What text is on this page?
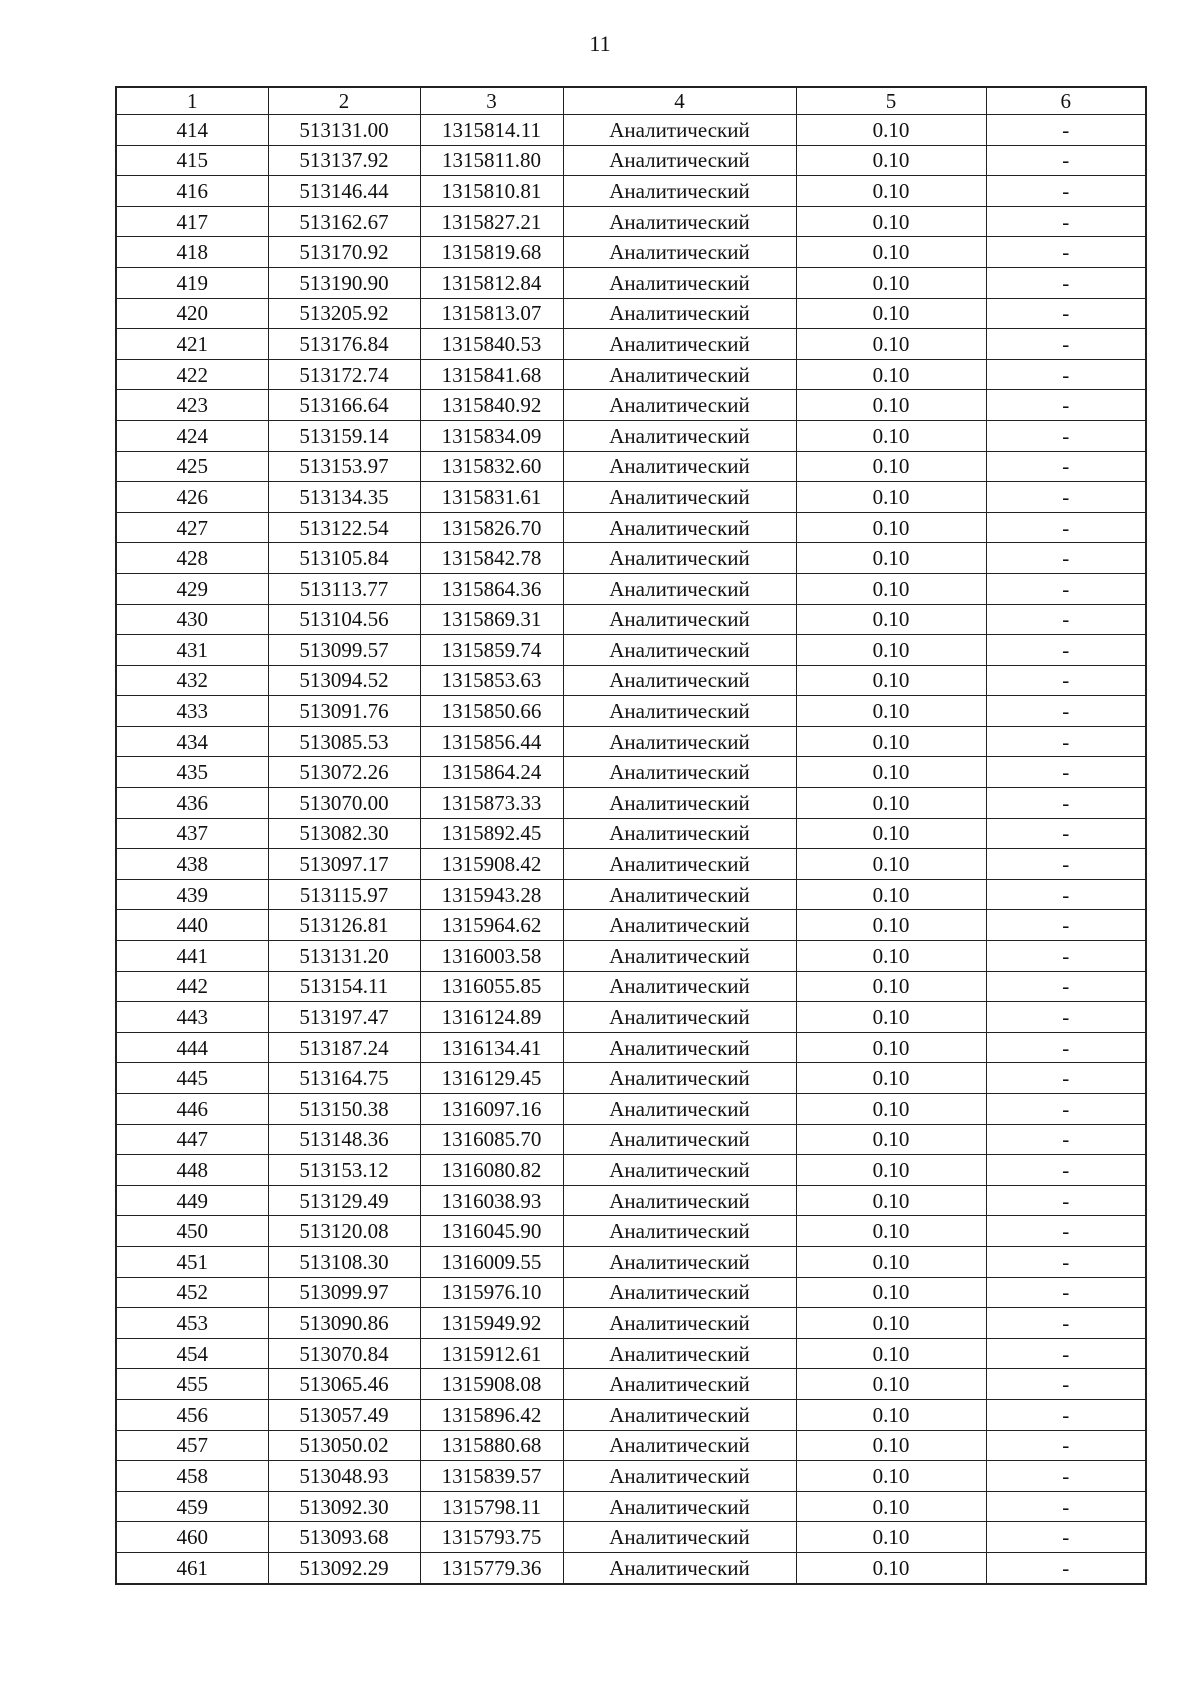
11
1	2	3	4	5	6
414	513131.00	1315814.11	Аналитический	0.10	-
415	513137.92	1315811.80	Аналитический	0.10	-
416	513146.44	1315810.81	Аналитический	0.10	-
417	513162.67	1315827.21	Аналитический	0.10	-
418	513170.92	1315819.68	Аналитический	0.10	-
419	513190.90	1315812.84	Аналитический	0.10	-
420	513205.92	1315813.07	Аналитический	0.10	-
421	513176.84	1315840.53	Аналитический	0.10	-
422	513172.74	1315841.68	Аналитический	0.10	-
423	513166.64	1315840.92	Аналитический	0.10	-
424	513159.14	1315834.09	Аналитический	0.10	-
425	513153.97	1315832.60	Аналитический	0.10	-
426	513134.35	1315831.61	Аналитический	0.10	-
427	513122.54	1315826.70	Аналитический	0.10	-
428	513105.84	1315842.78	Аналитический	0.10	-
429	513113.77	1315864.36	Аналитический	0.10	-
430	513104.56	1315869.31	Аналитический	0.10	-
431	513099.57	1315859.74	Аналитический	0.10	-
432	513094.52	1315853.63	Аналитический	0.10	-
433	513091.76	1315850.66	Аналитический	0.10	-
434	513085.53	1315856.44	Аналитический	0.10	-
435	513072.26	1315864.24	Аналитический	0.10	-
436	513070.00	1315873.33	Аналитический	0.10	-
437	513082.30	1315892.45	Аналитический	0.10	-
438	513097.17	1315908.42	Аналитический	0.10	-
439	513115.97	1315943.28	Аналитический	0.10	-
440	513126.81	1315964.62	Аналитический	0.10	-
441	513131.20	1316003.58	Аналитический	0.10	-
442	513154.11	1316055.85	Аналитический	0.10	-
443	513197.47	1316124.89	Аналитический	0.10	-
444	513187.24	1316134.41	Аналитический	0.10	-
445	513164.75	1316129.45	Аналитический	0.10	-
446	513150.38	1316097.16	Аналитический	0.10	-
447	513148.36	1316085.70	Аналитический	0.10	-
448	513153.12	1316080.82	Аналитический	0.10	-
449	513129.49	1316038.93	Аналитический	0.10	-
450	513120.08	1316045.90	Аналитический	0.10	-
451	513108.30	1316009.55	Аналитический	0.10	-
452	513099.97	1315976.10	Аналитический	0.10	-
453	513090.86	1315949.92	Аналитический	0.10	-
454	513070.84	1315912.61	Аналитический	0.10	-
455	513065.46	1315908.08	Аналитический	0.10	-
456	513057.49	1315896.42	Аналитический	0.10	-
457	513050.02	1315880.68	Аналитический	0.10	-
458	513048.93	1315839.57	Аналитический	0.10	-
459	513092.30	1315798.11	Аналитический	0.10	-
460	513093.68	1315793.75	Аналитический	0.10	-
461	513092.29	1315779.36	Аналитический	0.10	-
